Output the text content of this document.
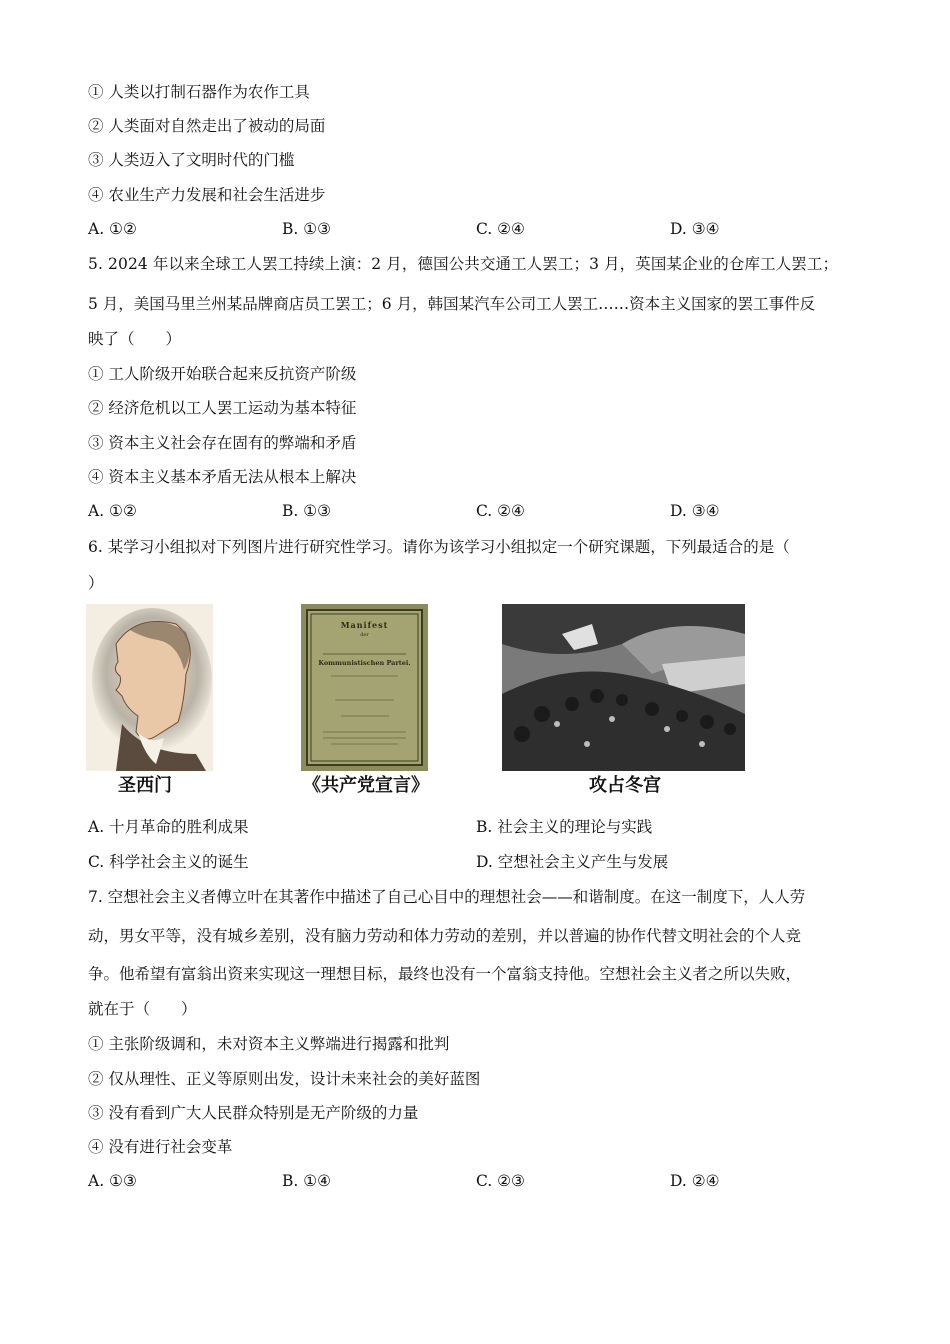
① 人类以打制石器作为农作工具
② 人类面对自然走出了被动的局面
③ 人类迈入了文明时代的门槛
④ 农业生产力发展和社会生活进步
A. ①②	B. ①③	C. ②④	D. ③④
5. 2024 年以来全球工人罢工持续上演：2 月，德国公共交通工人罢工；3 月，英国某企业的仓库工人罢工；
5 月，美国马里兰州某品牌商店员工罢工；6 月，韩国某汽车公司工人罢工……资本主义国家的罢工事件反
映了（　　）
① 工人阶级开始联合起来反抗资产阶级
② 经济危机以工人罢工运动为基本特征
③ 资本主义社会存在固有的弊端和矛盾
④ 资本主义基本矛盾无法从根本上解决
A. ①②	B. ①③	C. ②④	D. ③④
6. 某学习小组拟对下列图片进行研究性学习。请你为该学习小组拟定一个研究课题，下列最适合的是（
）
Manifest
der
Kommunistischen Partei.
圣西门	《共产党宣言》	攻占冬宫
A. 十月革命的胜利成果	B. 社会主义的理论与实践
C. 科学社会主义的诞生	D. 空想社会主义产生与发展
7. 空想社会主义者傅立叶在其著作中描述了自己心目中的理想社会——和谐制度。在这一制度下，人人劳
动，男女平等，没有城乡差别，没有脑力劳动和体力劳动的差别，并以普遍的协作代替文明社会的个人竞
争。他希望有富翁出资来实现这一理想目标，最终也没有一个富翁支持他。空想社会主义者之所以失败，
就在于（　　）
① 主张阶级调和，未对资本主义弊端进行揭露和批判
② 仅从理性、正义等原则出发，设计未来社会的美好蓝图
③ 没有看到广大人民群众特别是无产阶级的力量
④ 没有进行社会变革
A. ①③	B. ①④	C. ②③	D. ②④
